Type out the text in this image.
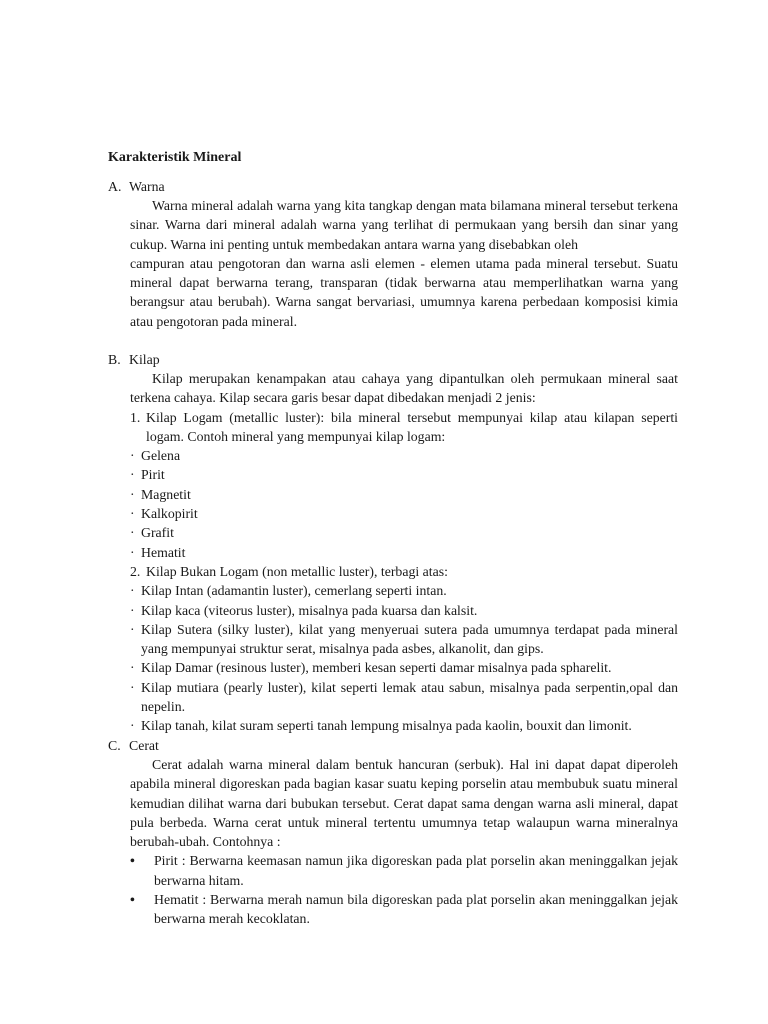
Karakteristik Mineral
A. Warna

Warna mineral adalah warna yang kita tangkap dengan mata bilamana mineral tersebut terkena sinar. Warna dari mineral adalah warna yang terlihat di permukaan yang bersih dan sinar yang cukup. Warna ini penting untuk membedakan antara warna yang disebabkan oleh

campuran atau pengotoran dan warna asli elemen - elemen utama pada mineral tersebut. Suatu mineral dapat berwarna terang, transparan (tidak berwarna atau memperlihatkan warna yang berangsur atau berubah). Warna sangat bervariasi, umumnya karena perbedaan komposisi kimia atau pengotoran pada mineral.

B. Kilap

Kilap merupakan kenampakan atau cahaya yang dipantulkan oleh permukaan mineral saat terkena cahaya. Kilap secara garis besar dapat dibedakan menjadi 2 jenis:

1. Kilap Logam (metallic luster): bila mineral tersebut mempunyai kilap atau kilapan seperti logam. Contoh mineral yang mempunyai kilap logam:
· Gelena
· Pirit
· Magnetit
· Kalkopirit
· Grafit
· Hematit
2. Kilap Bukan Logam (non metallic luster), terbagi atas:
· Kilap Intan (adamantin luster), cemerlang seperti intan.
· Kilap kaca (viteorus luster), misalnya pada kuarsa dan kalsit.
· Kilap Sutera (silky luster), kilat yang menyeruai sutera pada umumnya terdapat pada mineral yang mempunyai struktur serat, misalnya pada asbes, alkanolit, dan gips.
· Kilap Damar (resinous luster), memberi kesan seperti damar misalnya pada spharelit.
· Kilap mutiara (pearly luster), kilat seperti lemak atau sabun, misalnya pada serpentin,opal dan nepelin.
· Kilap tanah, kilat suram seperti tanah lempung misalnya pada kaolin, bouxit dan limonit.
C. Cerat

Cerat adalah warna mineral dalam bentuk hancuran (serbuk). Hal ini dapat dapat diperoleh apabila mineral digoreskan pada bagian kasar suatu keping porselin atau membubuk suatu mineral kemudian dilihat warna dari bubukan tersebut. Cerat dapat sama dengan warna asli mineral, dapat pula berbeda. Warna cerat untuk mineral tertentu umumnya tetap walaupun warna mineralnya berubah-ubah. Contohnya :

•	Pirit : Berwarna keemasan namun jika digoreskan pada plat porselin akan meninggalkan jejak berwarna hitam.
•	Hematit : Berwarna merah namun bila digoreskan pada plat porselin akan meninggalkan jejak berwarna merah kecoklatan.
